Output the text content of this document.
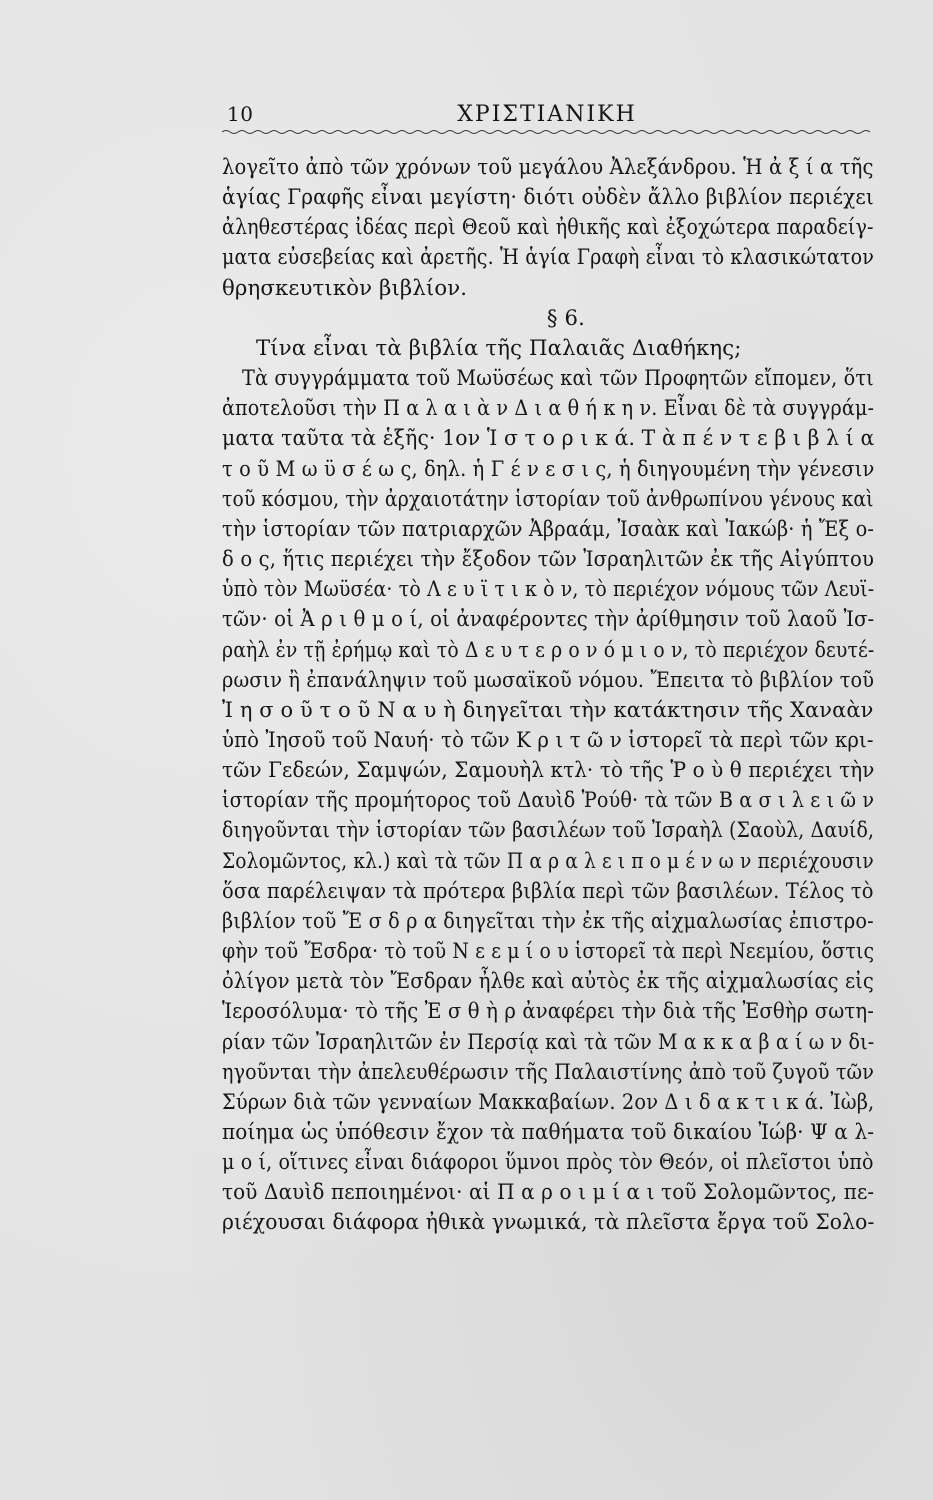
10	ΧΡΙΣΤΙΑΝΙΚΗ
λογεῖτο ἀπὸ τῶν χρόνων τοῦ μεγάλου Ἀλεξάνδρου. Ἡ ἀ ξ ί α τῆς
ἁγίας Γραφῆς εἶναι μεγίστη· διότι οὐδὲν ἄλλο βιβλίον περιέχει
ἀληθεστέρας ἰδέας περὶ Θεοῦ καὶ ἠθικῆς καὶ ἐξοχώτερα παραδείγ-
ματα εὐσεβείας καὶ ἀρετῆς. Ἡ ἁγία Γραφὴ εἶναι τὸ κλασικώτατον
θρησκευτικὸν βιβλίον.
§ 6.
Τίνα εἶναι τὰ βιβλία τῆς Παλαιᾶς Διαθήκης;
Τὰ συγγράμματα τοῦ Μωϋσέως καὶ τῶν Προφητῶν εἴπομεν, ὅτι
ἀποτελοῦσι τὴν Π α λ α ι ὰ ν Δ ι α θ ή κ η ν. Εἶναι δὲ τὰ συγγράμ-
ματα ταῦτα τὰ ἑξῆς· 1ον Ἱ σ τ ο ρ ι κ ά. Τ ὰ π έ ν τ ε β ι β λ ί α
τ ο ῦ Μ ω ϋ σ έ ω ς, δηλ. ἡ Γ έ ν ε σ ι ς, ἡ διηγουμένη τὴν γένεσιν
τοῦ κόσμου, τὴν ἀρχαιοτάτην ἱστορίαν τοῦ ἀνθρωπίνου γένους καὶ
τὴν ἱστορίαν τῶν πατριαρχῶν Ἀβραάμ, Ἰσαὰκ καὶ Ἰακώβ· ἡ Ἔξ ο-
δ ο ς, ἥτις περιέχει τὴν ἔξοδον τῶν Ἰσραηλιτῶν ἐκ τῆς Αἰγύπτου
ὑπὸ τὸν Μωϋσέα· τὸ Λ ε υ ϊ τ ι κ ὸ ν, τὸ περιέχον νόμους τῶν Λευϊ-
τῶν· οἱ Ἀ ρ ι θ μ ο ί, οἱ ἀναφέροντες τὴν ἀρίθμησιν τοῦ λαοῦ Ἰσ-
ραὴλ ἐν τῇ ἐρήμῳ καὶ τὸ Δ ε υ τ ε ρ ο ν ό μ ι ο ν, τὸ περιέχον δευτέ-
ρωσιν ἢ ἐπανάληψιν τοῦ μωσαϊκοῦ νόμου. Ἔπειτα τὸ βιβλίον τοῦ
Ἰ η σ ο ῦ τ ο ῦ Ν α υ ὴ διηγεῖται τὴν κατάκτησιν τῆς Χαναὰν
ὑπὸ Ἰησοῦ τοῦ Ναυή· τὸ τῶν Κ ρ ι τ ῶ ν ἱστορεῖ τὰ περὶ τῶν κρι-
τῶν Γεδεών, Σαμψών, Σαμουὴλ κτλ· τὸ τῆς Ῥ ο ὺ θ περιέχει τὴν
ἱστορίαν τῆς προμήτορος τοῦ Δαυὶδ Ῥούθ· τὰ τῶν Β α σ ι λ ε ι ῶ ν
διηγοῦνται τὴν ἱστορίαν τῶν βασιλέων τοῦ Ἰσραὴλ (Σαοὺλ, Δαυίδ,
Σολομῶντος, κλ.) καὶ τὰ τῶν Π α ρ α λ ε ι π ο μ έ ν ω ν περιέχουσιν
ὅσα παρέλειψαν τὰ πρότερα βιβλία περὶ τῶν βασιλέων. Τέλος τὸ
βιβλίον τοῦ Ἔ σ δ ρ α διηγεῖται τὴν ἐκ τῆς αἰχμαλωσίας ἐπιστρο-
φὴν τοῦ Ἔσδρα· τὸ τοῦ Ν ε ε μ ί ο υ ἱστορεῖ τὰ περὶ Νεεμίου, ὅστις
ὀλίγον μετὰ τὸν Ἔσδραν ἦλθε καὶ αὐτὸς ἐκ τῆς αἰχμαλωσίας εἰς
Ἱεροσόλυμα· τὸ τῆς Ἐ σ θ ὴ ρ ἀναφέρει τὴν διὰ τῆς Ἐσθὴρ σωτη-
ρίαν τῶν Ἰσραηλιτῶν ἐν Περσίᾳ καὶ τὰ τῶν Μ α κ κ α β α ί ω ν δι-
ηγοῦνται τὴν ἀπελευθέρωσιν τῆς Παλαιστίνης ἀπὸ τοῦ ζυγοῦ τῶν
Σύρων διὰ τῶν γενναίων Μακκαβαίων. 2ον Δ ι δ α κ τ ι κ ά. Ἰὼβ,
ποίημα ὡς ὑπόθεσιν ἔχον τὰ παθήματα τοῦ δικαίου Ἰώβ· Ψ α λ-
μ ο ί, οἵτινες εἶναι διάφοροι ὕμνοι πρὸς τὸν Θεόν, οἱ πλεῖστοι ὑπὸ
τοῦ Δαυὶδ πεποιημένοι· αἱ Π α ρ ο ι μ ί α ι τοῦ Σολομῶντος, πε-
ριέχουσαι διάφορα ἠθικὰ γνωμικά, τὰ πλεῖστα ἔργα τοῦ Σολο-
